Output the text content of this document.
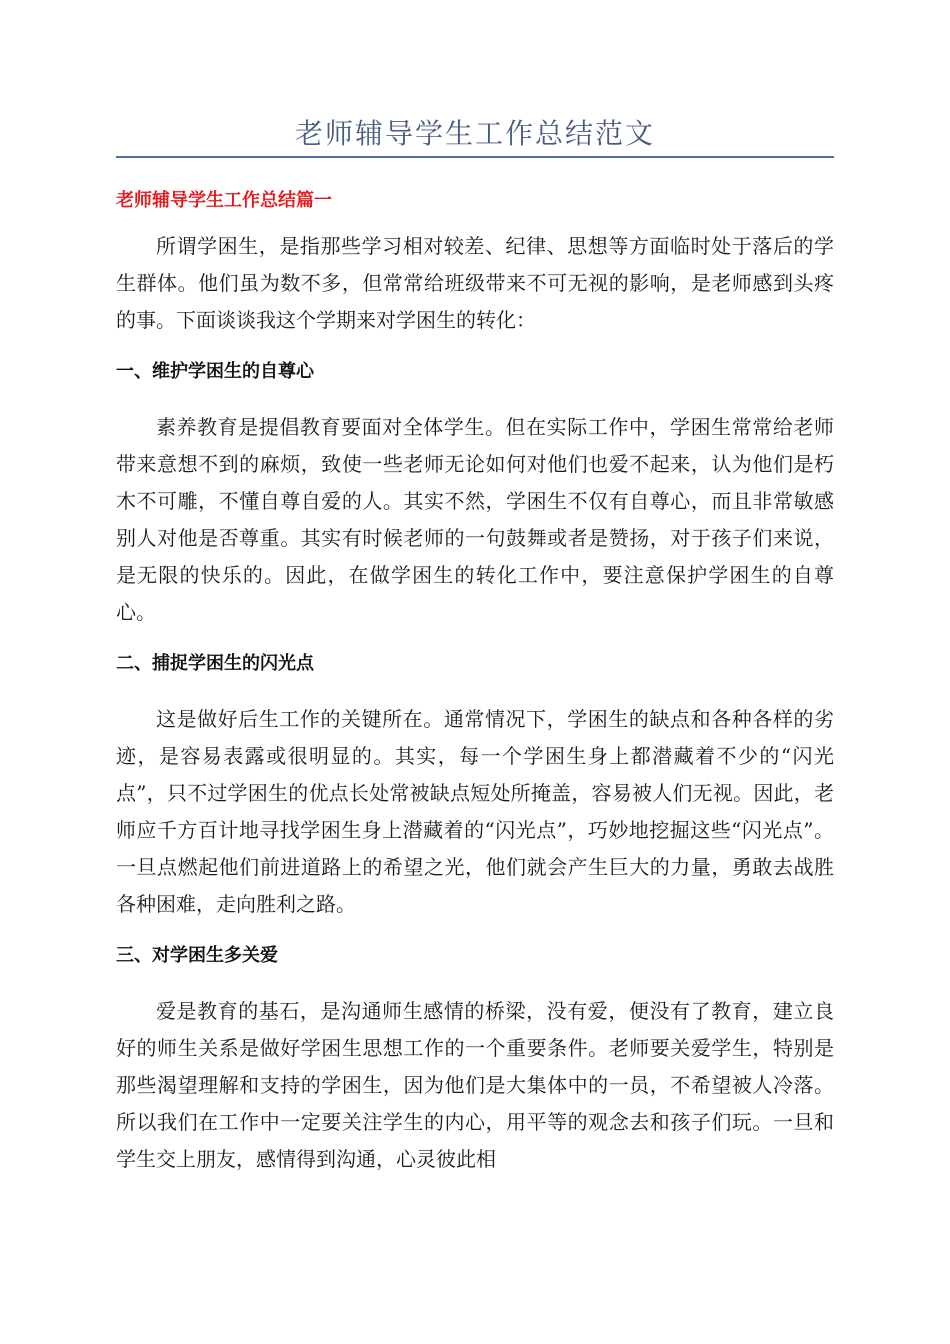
老师辅导学生工作总结范文
老师辅导学生工作总结篇一

所谓学困生，是指那些学习相对较差、纪律、思想等方面临时处于落后的学生群体。他们虽为数不多，但常常给班级带来不可无视的影响，是老师感到头疼的事。下面谈谈我这个学期来对学困生的转化：

一、维护学困生的自尊心

素养教育是提倡教育要面对全体学生。但在实际工作中，学困生常常给老师带来意想不到的麻烦，致使一些老师无论如何对他们也爱不起来，认为他们是朽木不可雕，不懂自尊自爱的人。其实不然，学困生不仅有自尊心，而且非常敏感别人对他是否尊重。其实有时候老师的一句鼓舞或者是赞扬，对于孩子们来说，是无限的快乐的。因此，在做学困生的转化工作中，要注意保护学困生的自尊心。

二、捕捉学困生的闪光点

这是做好后生工作的关键所在。通常情况下，学困生的缺点和各种各样的劣迹，是容易表露或很明显的。其实，每一个学困生身上都潜藏着不少的“闪光点”，只不过学困生的优点长处常被缺点短处所掩盖，容易被人们无视。因此，老师应千方百计地寻找学困生身上潜藏着的“闪光点”，巧妙地挖掘这些“闪光点”。一旦点燃起他们前进道路上的希望之光，他们就会产生巨大的力量，勇敢去战胜各种困难，走向胜利之路。

三、对学困生多关爱

爱是教育的基石，是沟通师生感情的桥梁，没有爱，便没有了教育，建立良好的师生关系是做好学困生思想工作的一个重要条件。老师要关爱学生，特别是那些渴望理解和支持的学困生，因为他们是大集体中的一员，不希望被人冷落。所以我们在工作中一定要关注学生的内心，用平等的观念去和孩子们玩。一旦和学生交上朋友，感情得到沟通，心灵彼此相
